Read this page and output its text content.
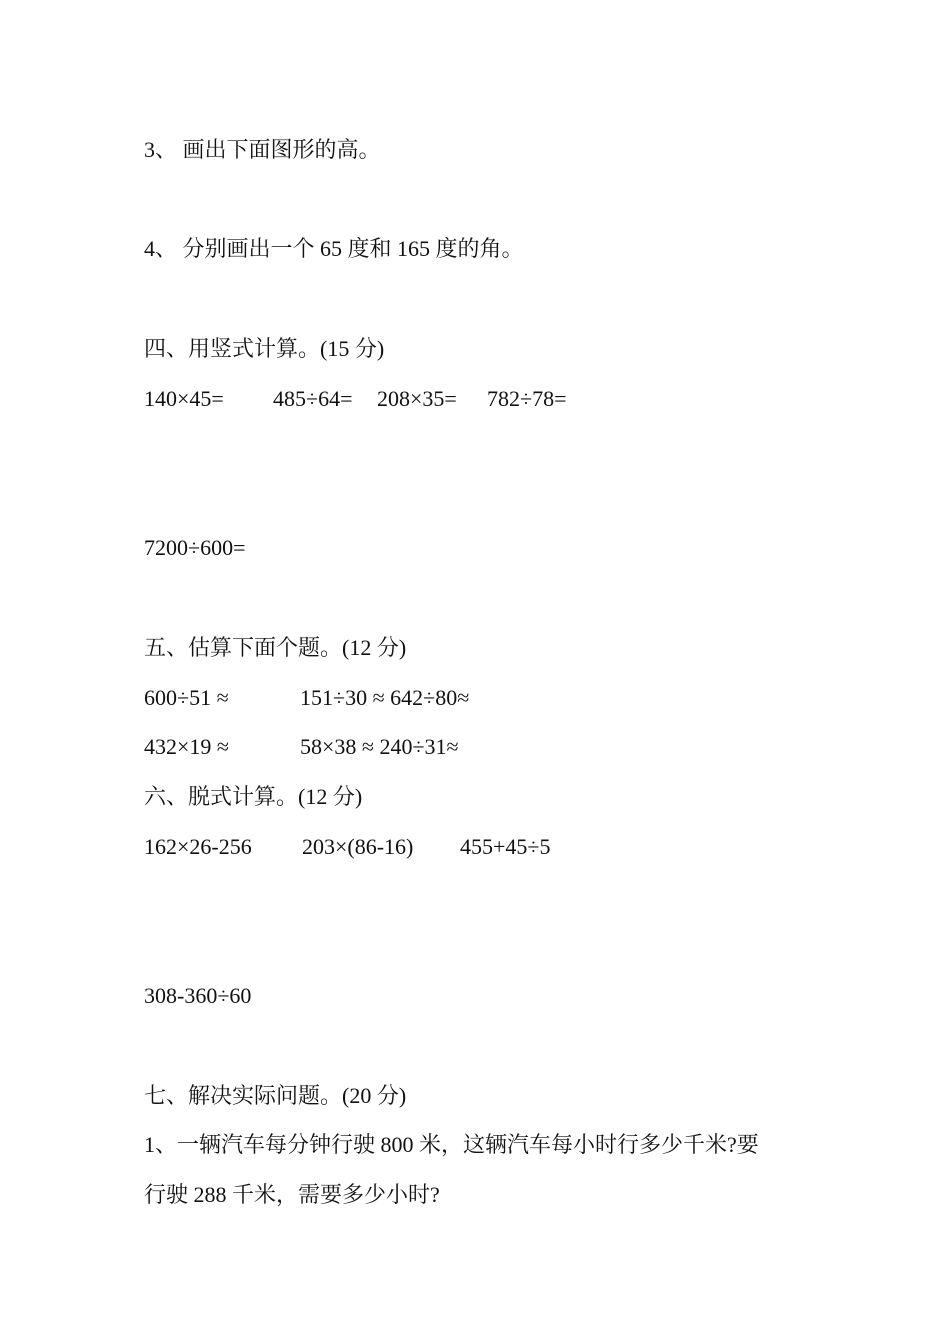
3、 画出下面图形的高。
4、 分别画出一个 65 度和 165 度的角。
四、用竖式计算。(15 分)
140×45= 485÷64= 208×35= 782÷78=
7200÷600=
五、估算下面个题。(12 分)
600÷51 ≈	151÷30 ≈ 642÷80≈
432×19 ≈	58×38 ≈ 240÷31≈
六、脱式计算。(12 分)
162×26-256 203×(86-16) 455+45÷5
308-360÷60
七、解决实际问题。(20 分)
1、一辆汽车每分钟行驶 800 米，这辆汽车每小时行多少千米?要
行驶 288 千米，需要多少小时?
